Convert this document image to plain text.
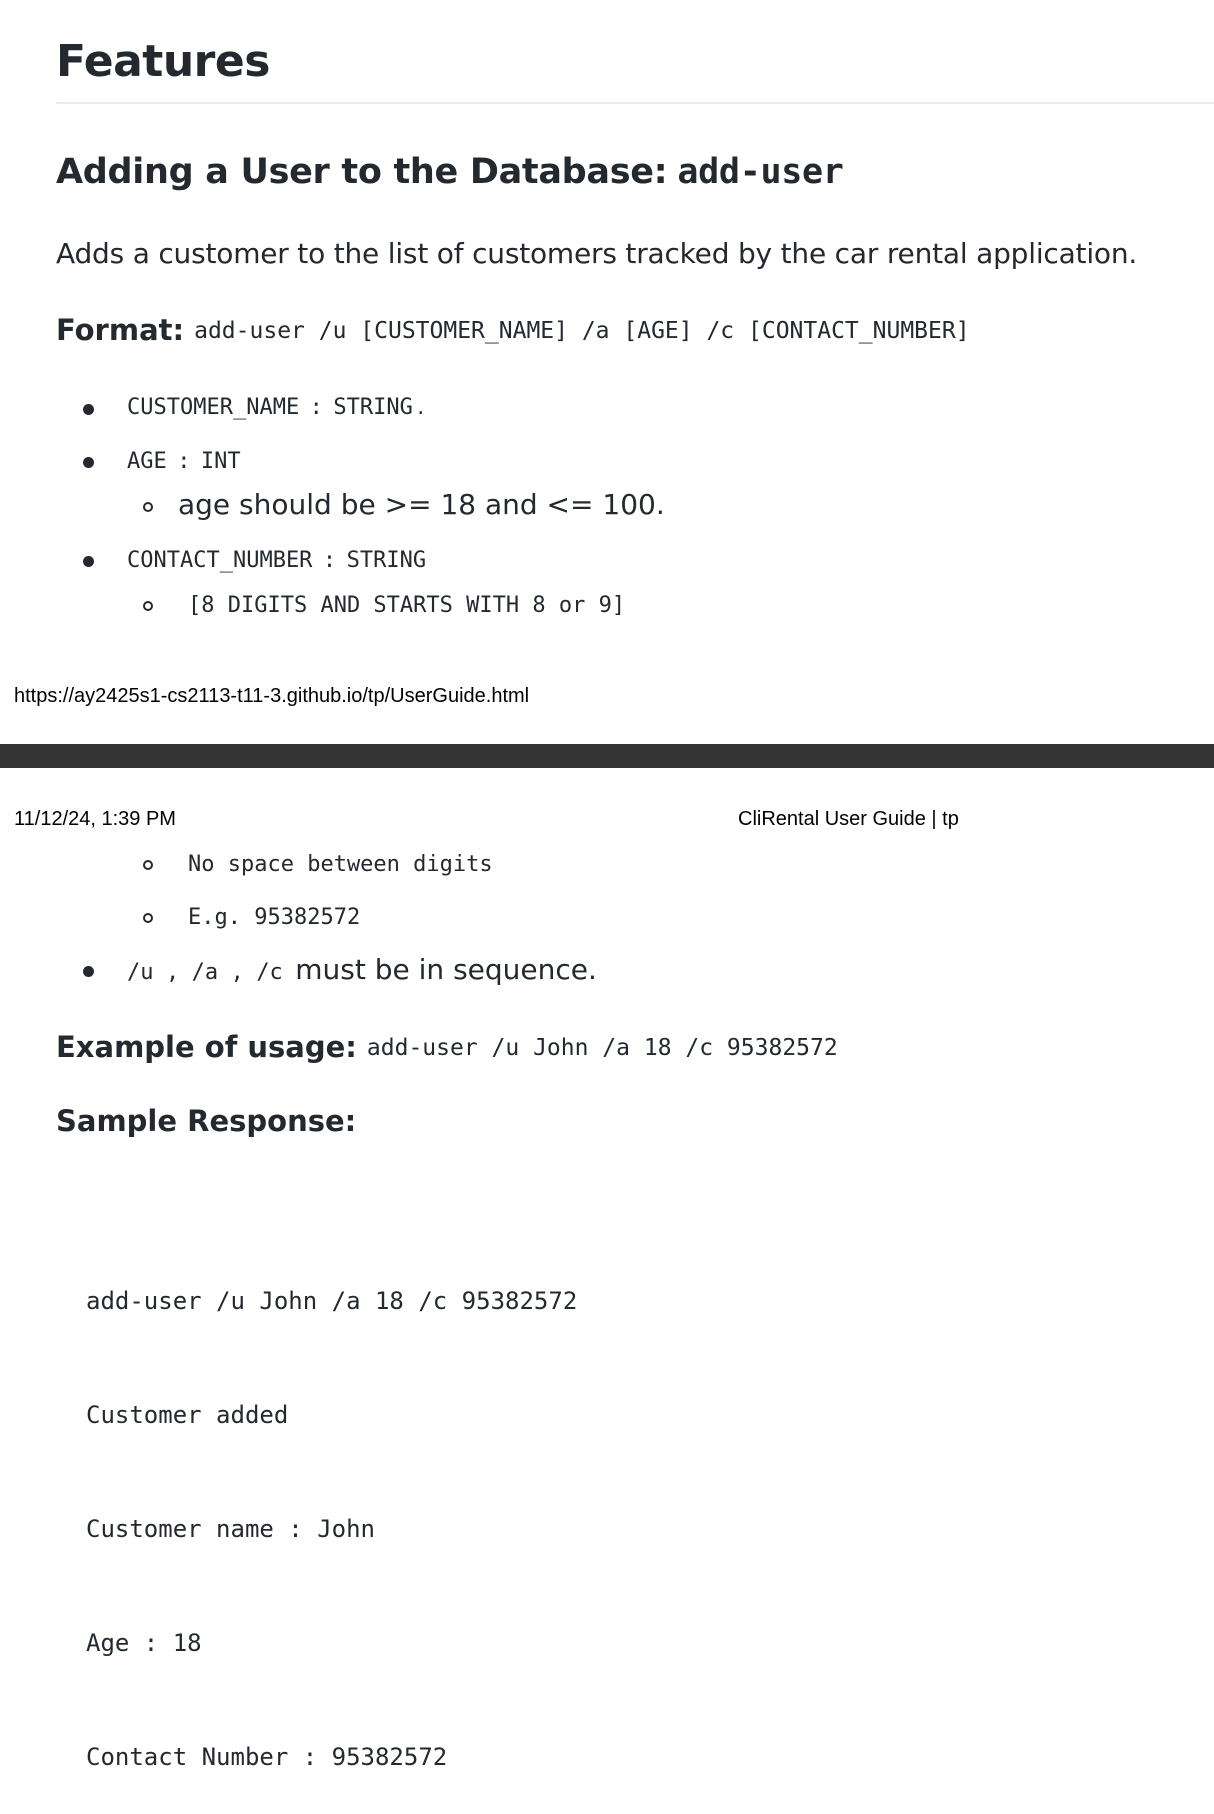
Features
Adding a User to the Database: add-user
Adds a customer to the list of customers tracked by the car rental application.
Format: add-user /u [CUSTOMER_NAME] /a [AGE] /c [CONTACT_NUMBER]
CUSTOMER_NAME : STRING .
AGE : INT
age should be >= 18 and <= 100.
CONTACT_NUMBER : STRING
[8 DIGITS AND STARTS WITH 8 or 9]
https://ay2425s1-cs2113-t11-3.github.io/tp/UserGuide.html
11/12/24, 1:39 PM	CliRental User Guide | tp
No space between digits
E.g. 95382572
/u , /a , /c must be in sequence.
Example of usage: add-user /u John /a 18 /c 95382572
Sample Response:

add-user /u John /a 18 /c 95382572

Customer added

Customer name : John

Age : 18

Contact Number : 95382572
